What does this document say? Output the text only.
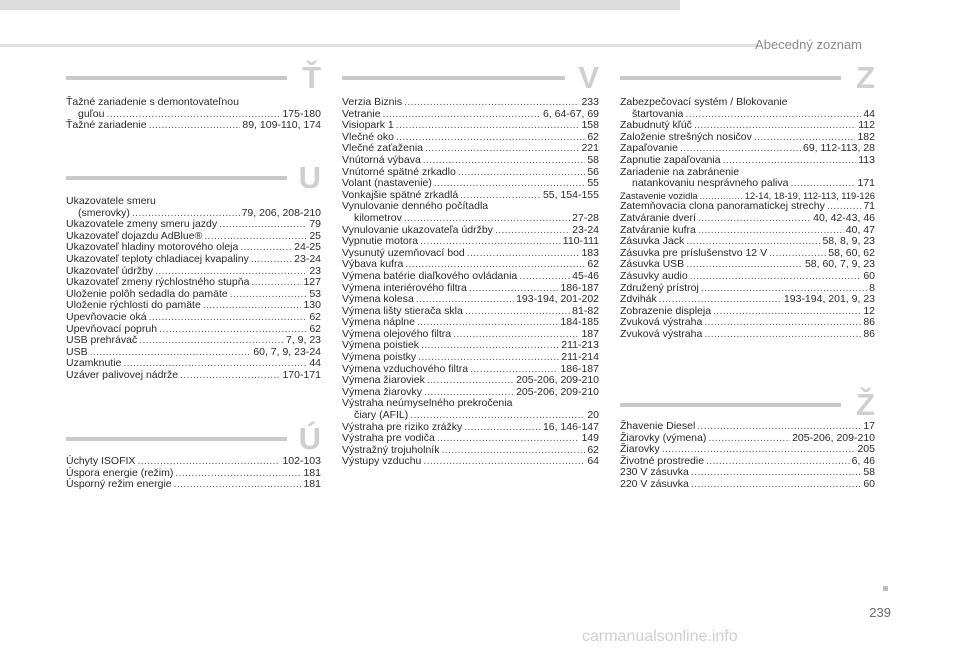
Abecedný zoznam
Ť
Ťažné zariadenie s demontovateľnou
guľou .....	175-180
Ťažné zariadenie .....	89, 109-110, 174
U
Ukazovatele smeru
(smerovky) .....	79, 206, 208-210
Ukazovatele zmeny smeru jazdy .....	79
Ukazovateľ dojazdu AdBlue® .....	25
Ukazovateľ hladiny motorového oleja .....	24-25
Ukazovateľ teploty chladiacej kvapaliny .....	23-24
Ukazovateľ údržby .....	23
Ukazovateľ zmeny rýchlostného stupňa .....	127
Uloženie polôh sedadla do pamäte .....	53
Uloženie rýchlosti do pamäte .....	130
Upevňovacie oká .....	62
Upevňovací popruh .....	62
USB prehrávač .....	7, 9, 23
USB .....	60, 7, 9, 23-24
Uzamknutie .....	44
Uzáver palivovej nádrže .....	170-171
Ú
Úchyty ISOFIX .....	102-103
Úspora energie (režim) .....	181
Úsporný režim energie .....	181
V
Verzia Biznis .....	233
Vetranie .....	6, 64-67, 69
Visiopark 1 .....	158
Vlečné oko .....	62
Vlečné zaťaženia .....	221
Vnútorná výbava .....	58
Vnútorné spätné zrkadlo .....	56
Volant (nastavenie) .....	55
Vonkajšie spätné zrkadlá .....	55, 154-155
Vynulovanie denného počítadla
kilometrov .....	27-28
Vynulovanie ukazovateľa údržby .....	23-24
Vypnutie motora .....	110-111
Vysunutý uzemňovací bod .....	183
Výbava kufra .....	62
Výmena batérie diaľkového ovládania .....	45-46
Výmena interiérového filtra .....	186-187
Výmena kolesa .....	193-194, 201-202
Výmena lišty stierača skla .....	81-82
Výmena náplne .....	184-185
Výmena olejového filtra .....	187
Výmena poistiek .....	211-213
Výmena poistky .....	211-214
Výmena vzduchového filtra .....	186-187
Výmena žiaroviek .....	205-206, 209-210
Výmena žiarovky .....	205-206, 209-210
Výstraha neúmyselného prekročenia
čiary (AFIL) .....	20
Výstraha pre riziko zrážky .....	16, 146-147
Výstraha pre vodiča .....	149
Výstražný trojuholník .....	62
Výstupy vzduchu .....	64
Z
Zabezpečovací systém / Blokovanie
štartovania .....	44
Zabudnutý kľúč .....	112
Založenie strešných nosičov .....	182
Zapaľovanie .....	69, 112-113, 28
Zapnutie zapaľovania .....	113
Zariadenie na zabránenie
natankovaniu nesprávneho paliva .....	171
Zastavenie vozidla .....	12-14, 18-19, 112-113, 119-126
Zatemňovacia clona panoramatickej strechy .....	71
Zatváranie dverí .....	40, 42-43, 46
Zatváranie kufra .....	40, 47
Zásuvka Jack .....	58, 8, 9, 23
Zásuvka pre príslušenstvo 12 V .....	58, 60, 62
Zásuvka USB .....	58, 60, 7, 9, 23
Zásuvky audio .....	60
Združený prístroj .....	8
Zdvihák .....	193-194, 201, 9, 23
Zobrazenie displeja .....	12
Zvuková výstraha .....	86
Zvuková výstraha .....	86
Ž
Žhavenie Diesel .....	17
Žiarovky (výmena) .....	205-206, 209-210
Žiarovky .....	205
Životné prostredie .....	6, 46
230 V zásuvka .....	58
220 V zásuvka .....	60
239
carmanualsonline.info
